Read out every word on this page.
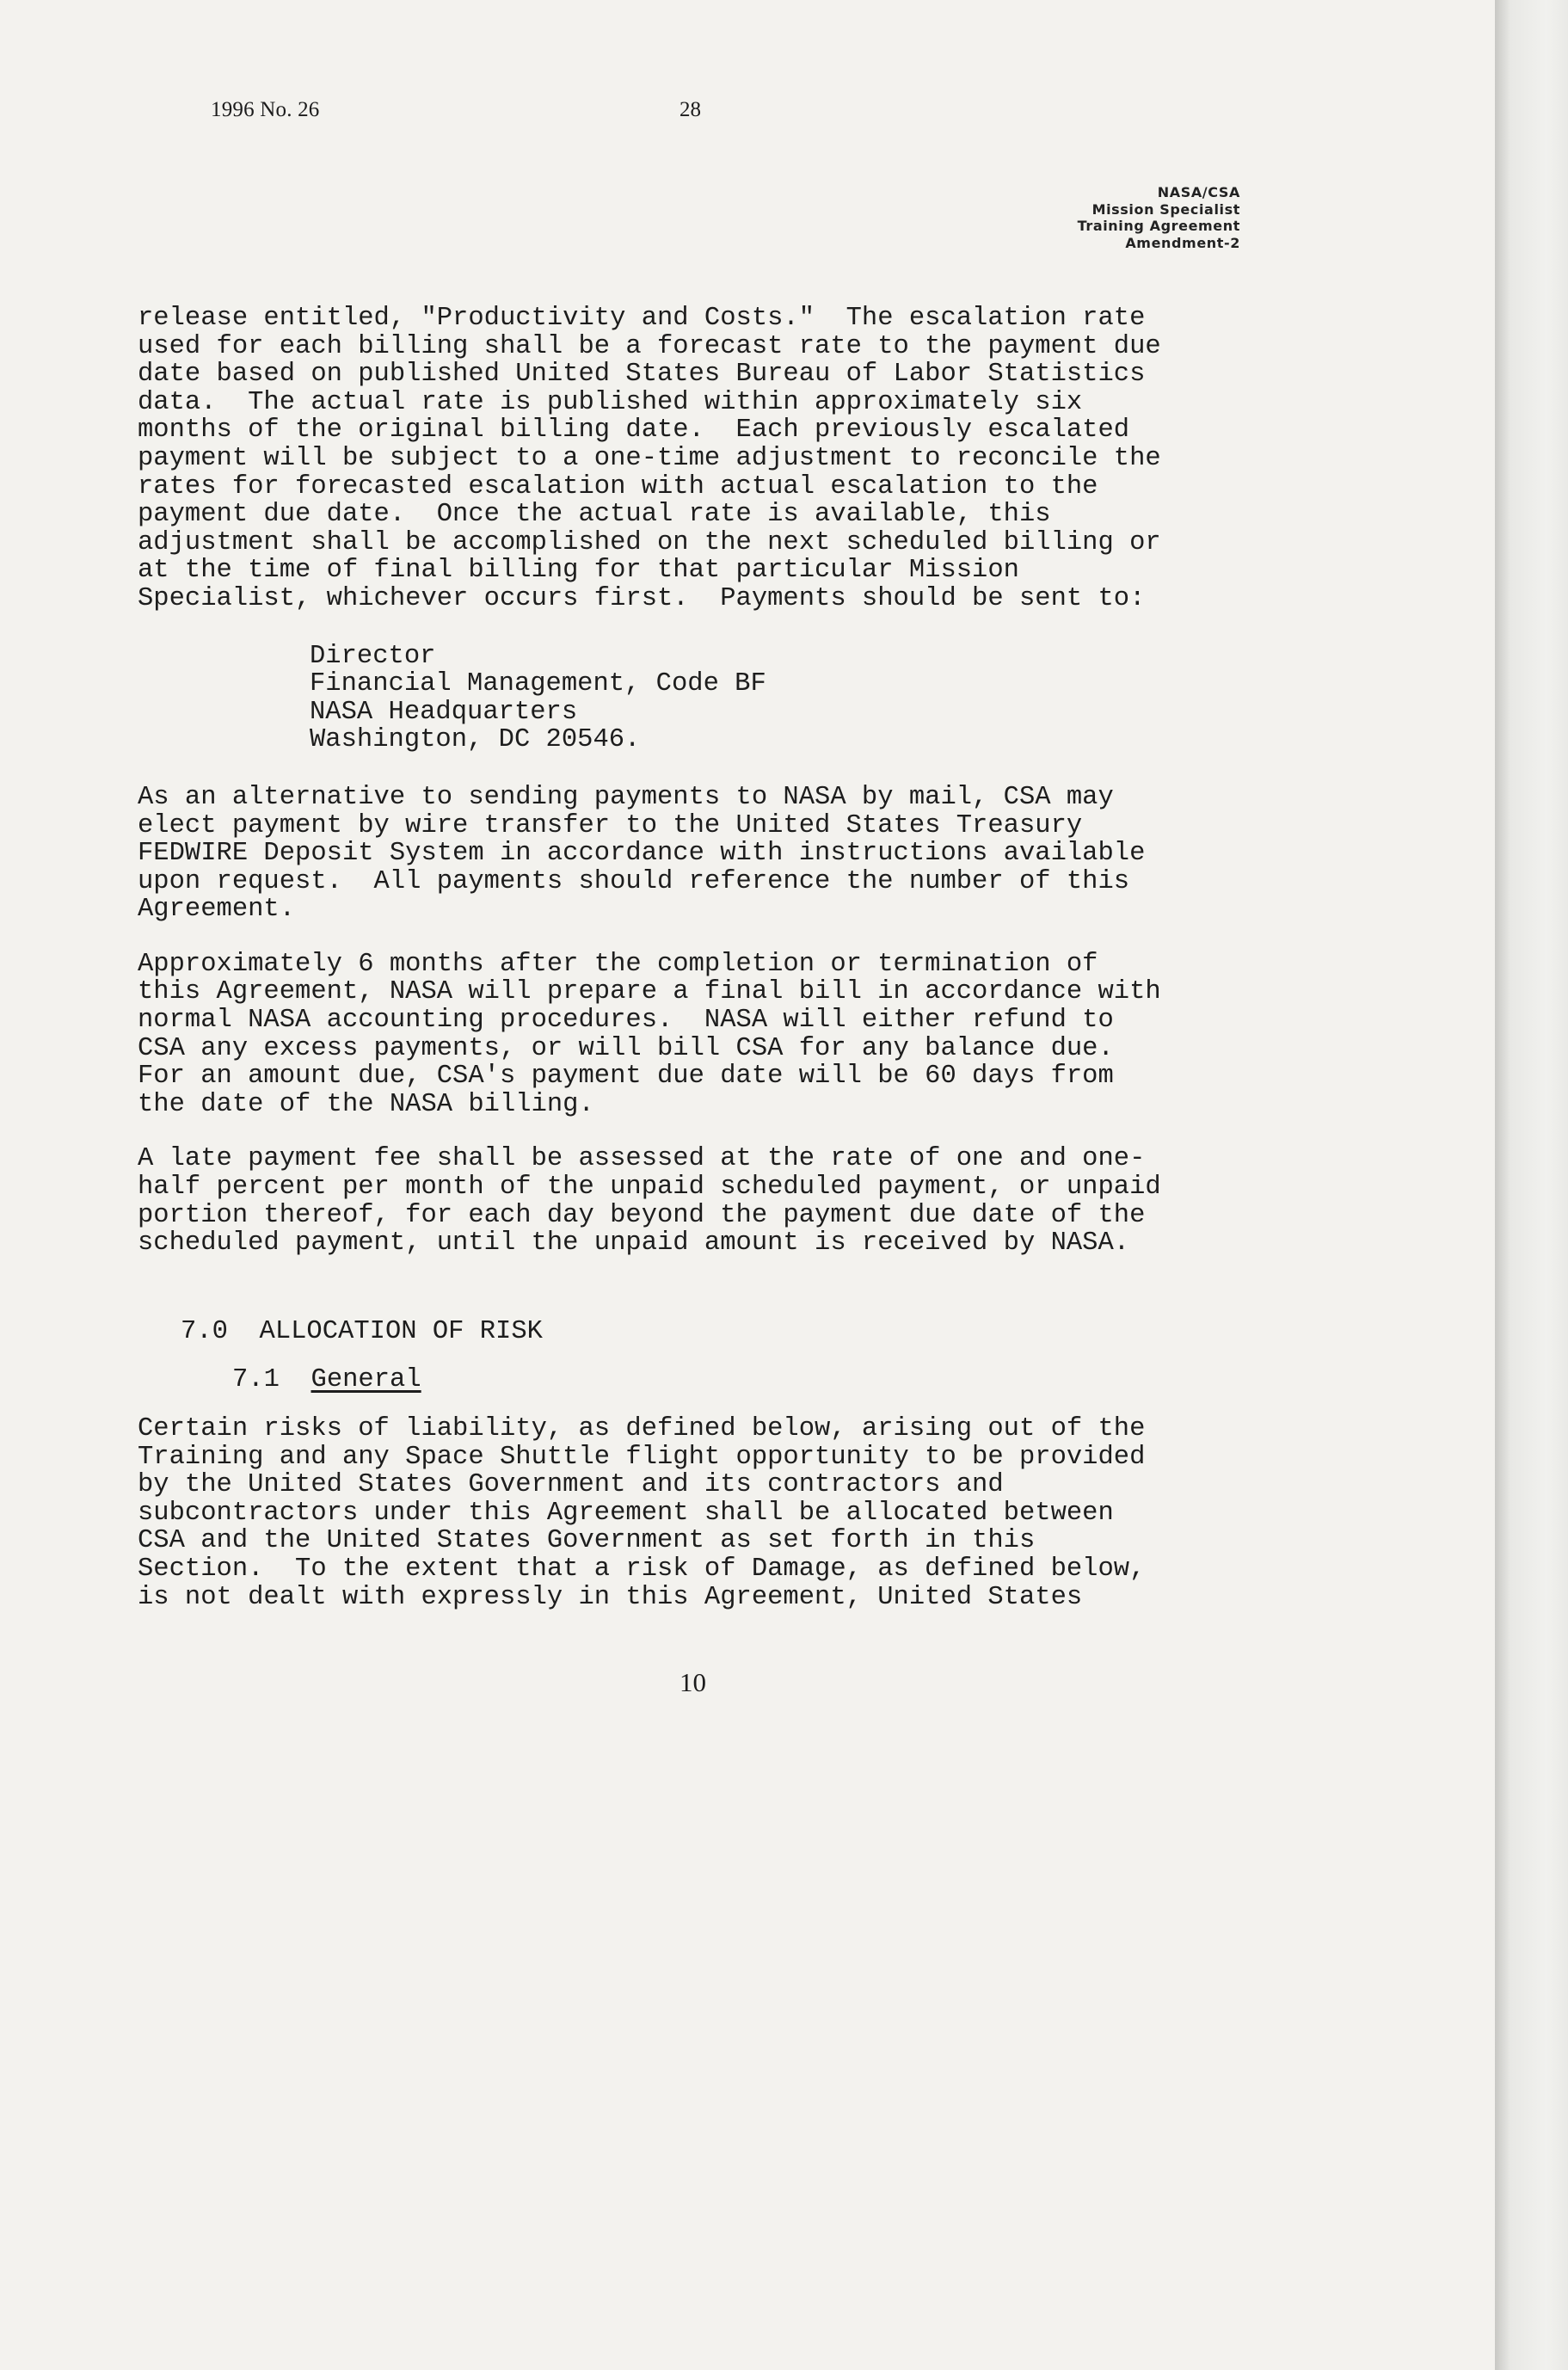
1996 No. 26	28
NASA/CSA
Mission Specialist
Training Agreement
Amendment-2
release entitled, "Productivity and Costs."  The escalation rate
used for each billing shall be a forecast rate to the payment due
date based on published United States Bureau of Labor Statistics
data.  The actual rate is published within approximately six
months of the original billing date.  Each previously escalated
payment will be subject to a one-time adjustment to reconcile the
rates for forecasted escalation with actual escalation to the
payment due date.  Once the actual rate is available, this
adjustment shall be accomplished on the next scheduled billing or
at the time of final billing for that particular Mission
Specialist, whichever occurs first.  Payments should be sent to:
Director
Financial Management, Code BF
NASA Headquarters
Washington, DC 20546.
As an alternative to sending payments to NASA by mail, CSA may
elect payment by wire transfer to the United States Treasury
FEDWIRE Deposit System in accordance with instructions available
upon request.  All payments should reference the number of this
Agreement.
Approximately 6 months after the completion or termination of
this Agreement, NASA will prepare a final bill in accordance with
normal NASA accounting procedures.  NASA will either refund to
CSA any excess payments, or will bill CSA for any balance due.
For an amount due, CSA's payment due date will be 60 days from
the date of the NASA billing.
A late payment fee shall be assessed at the rate of one and one-
half percent per month of the unpaid scheduled payment, or unpaid
portion thereof, for each day beyond the payment due date of the
scheduled payment, until the unpaid amount is received by NASA.
7.0  ALLOCATION OF RISK
7.1  General
Certain risks of liability, as defined below, arising out of the
Training and any Space Shuttle flight opportunity to be provided
by the United States Government and its contractors and
subcontractors under this Agreement shall be allocated between
CSA and the United States Government as set forth in this
Section.  To the extent that a risk of Damage, as defined below,
is not dealt with expressly in this Agreement, United States
10
